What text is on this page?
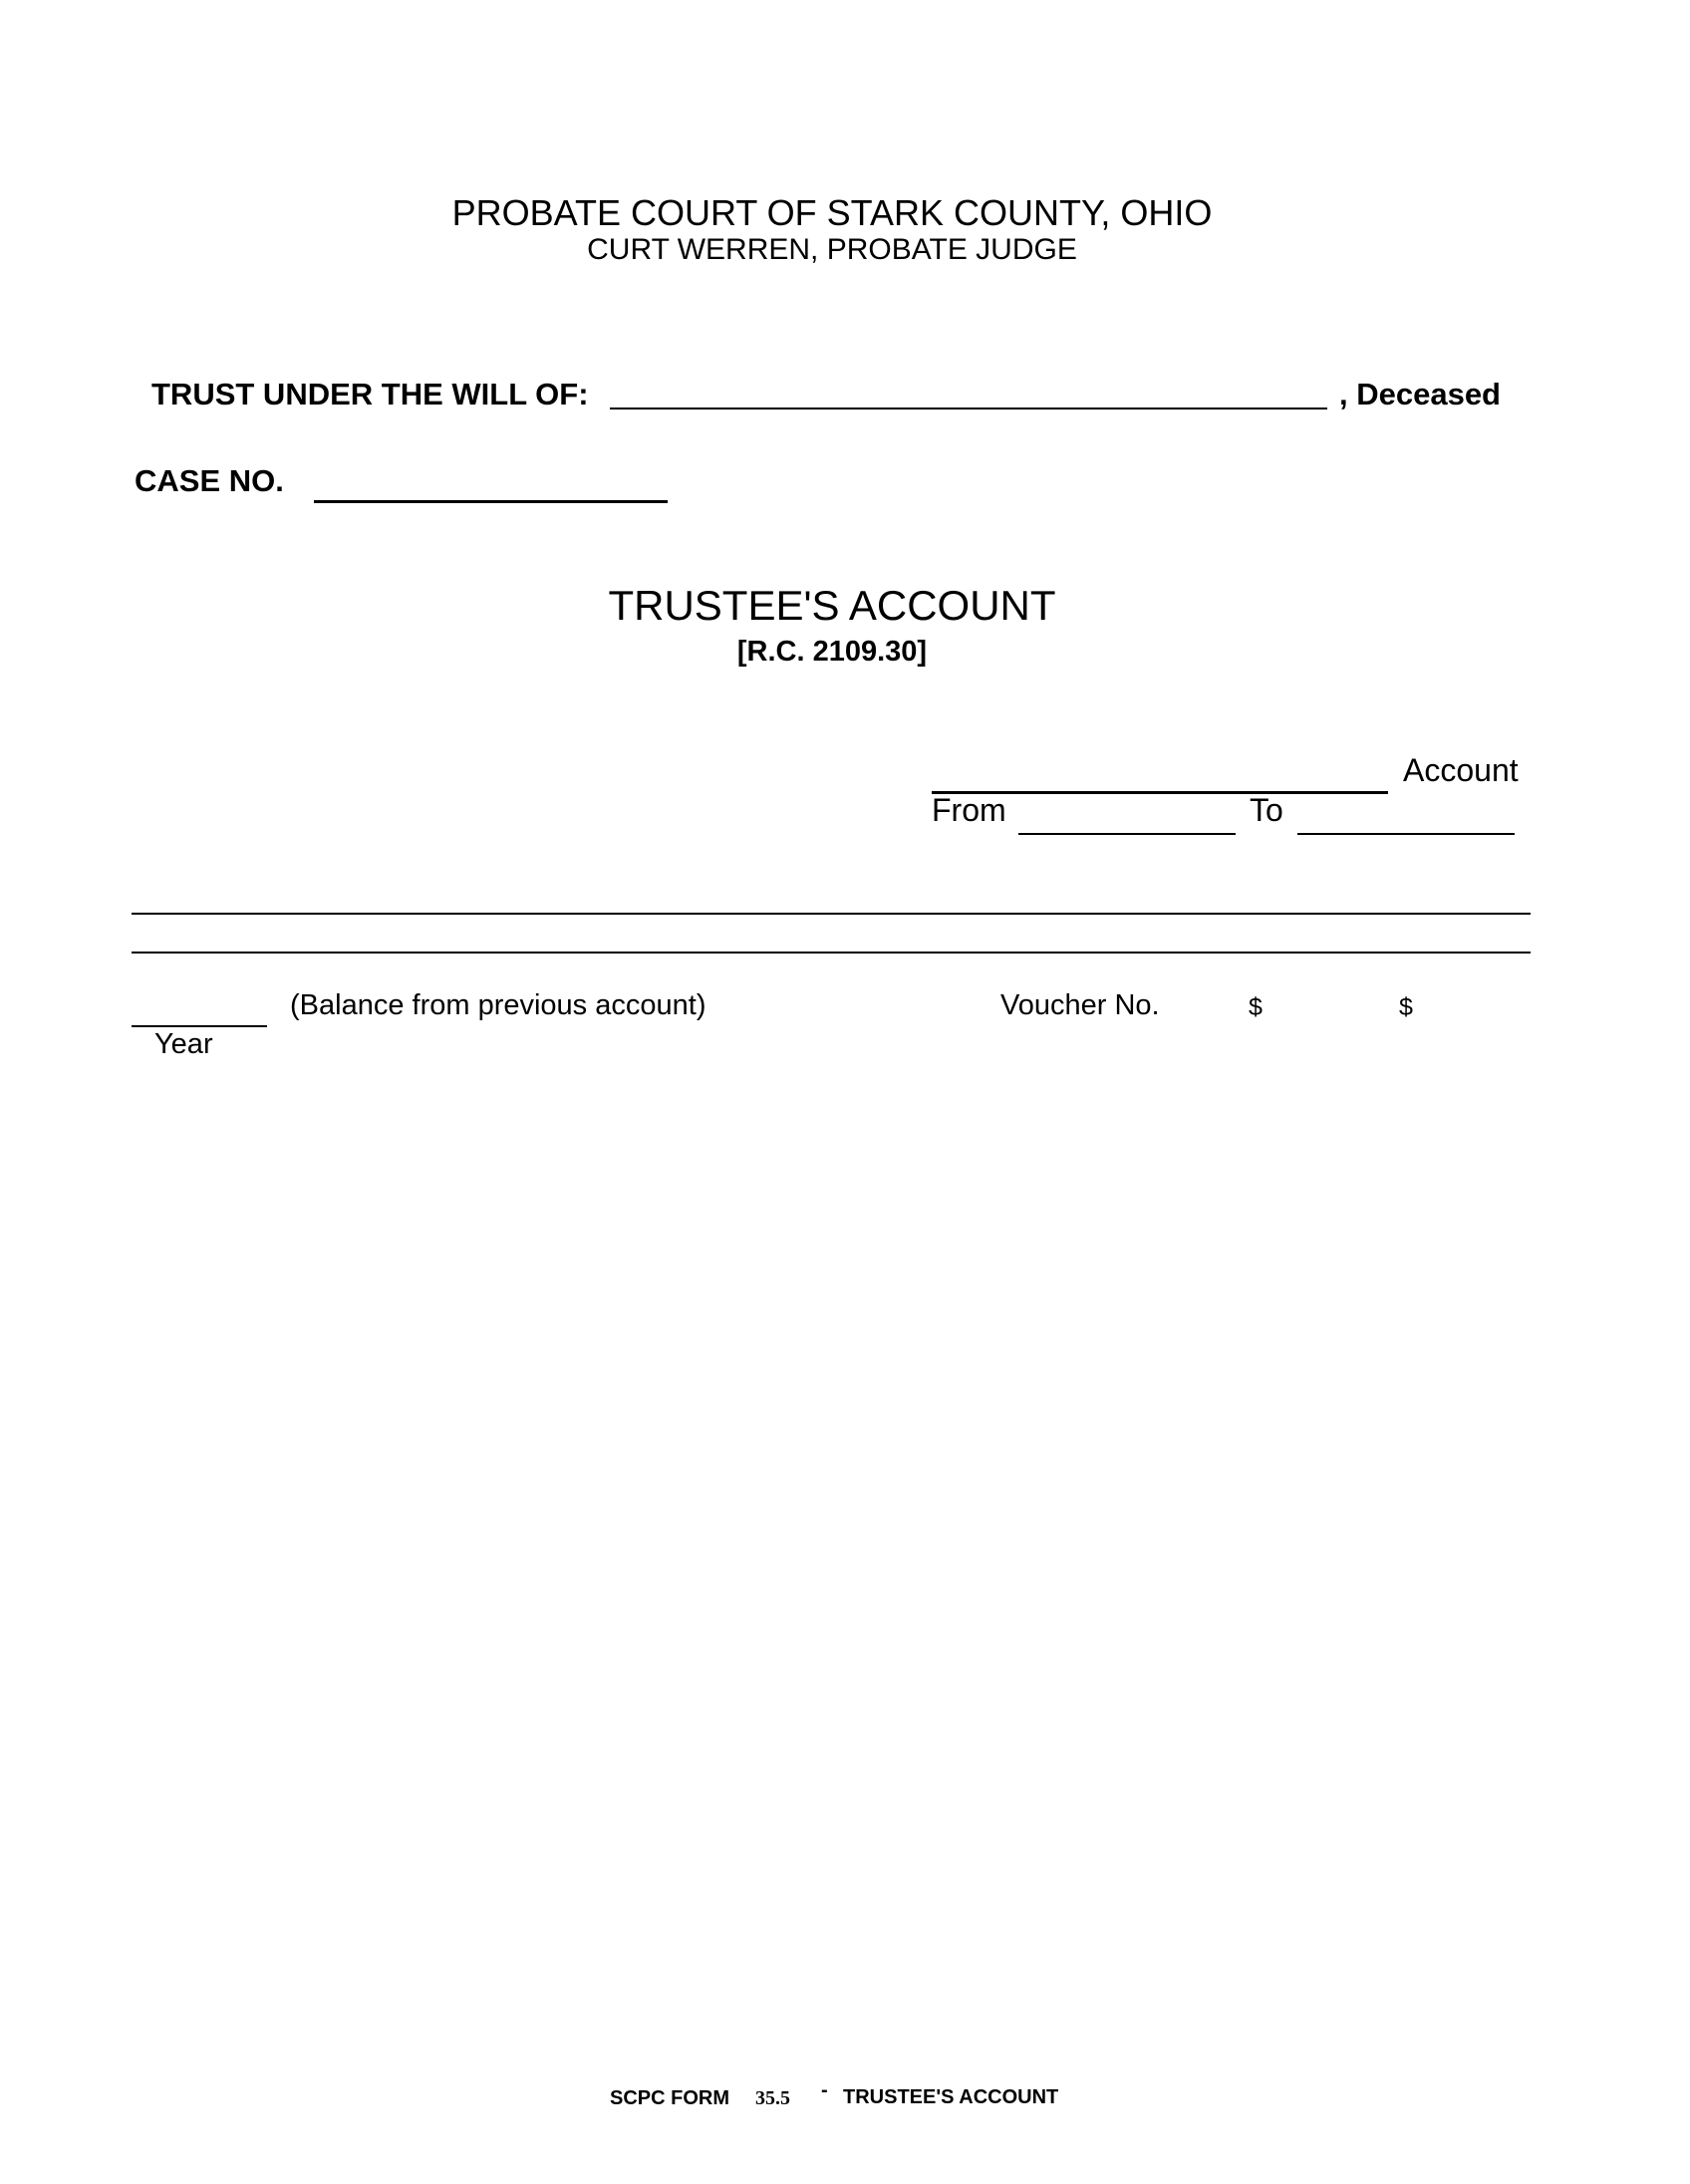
PROBATE COURT OF STARK COUNTY, OHIO
CURT WERREN, PROBATE JUDGE
TRUST UNDER THE WILL OF:	, Deceased
CASE NO.
TRUSTEE'S ACCOUNT
[R.C. 2109.30]
Account
From	To
Year
(Balance from previous account)	Voucher No.	$	$
SCPC FORM 35.5 - TRUSTEE'S ACCOUNT
